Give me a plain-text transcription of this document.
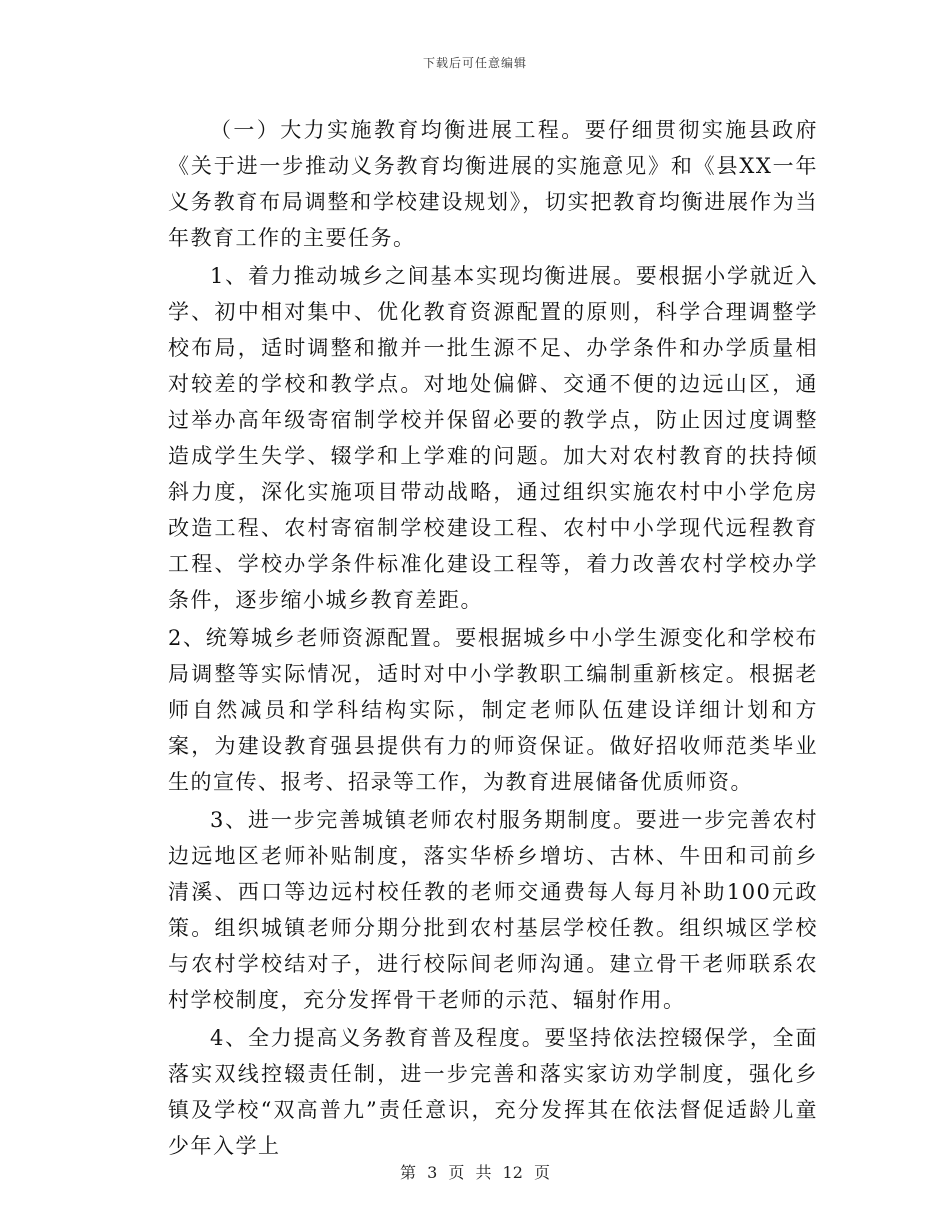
下载后可任意编辑

（一）大力实施教育均衡进展工程。要仔细贯彻实施县政府《关于进一步推动义务教育均衡进展的实施意见》和《县XX一年义务教育布局调整和学校建设规划》，切实把教育均衡进展作为当年教育工作的主要任务。

1、着力推动城乡之间基本实现均衡进展。要根据小学就近入学、初中相对集中、优化教育资源配置的原则，科学合理调整学校布局，适时调整和撤并一批生源不足、办学条件和办学质量相对较差的学校和教学点。对地处偏僻、交通不便的边远山区，通过举办高年级寄宿制学校并保留必要的教学点，防止因过度调整造成学生失学、辍学和上学难的问题。加大对农村教育的扶持倾斜力度，深化实施项目带动战略，通过组织实施农村中小学危房改造工程、农村寄宿制学校建设工程、农村中小学现代远程教育工程、学校办学条件标准化建设工程等，着力改善农村学校办学条件，逐步缩小城乡教育差距。

2、统筹城乡老师资源配置。要根据城乡中小学生源变化和学校布局调整等实际情况，适时对中小学教职工编制重新核定。根据老师自然减员和学科结构实际，制定老师队伍建设详细计划和方案，为建设教育强县提供有力的师资保证。做好招收师范类毕业生的宣传、报考、招录等工作，为教育进展储备优质师资。

3、进一步完善城镇老师农村服务期制度。要进一步完善农村边远地区老师补贴制度，落实华桥乡增坊、古林、牛田和司前乡清溪、西口等边远村校任教的老师交通费每人每月补助100元政策。组织城镇老师分期分批到农村基层学校任教。组织城区学校与农村学校结对子，进行校际间老师沟通。建立骨干老师联系农村学校制度，充分发挥骨干老师的示范、辐射作用。

4、全力提高义务教育普及程度。要坚持依法控辍保学，全面落实双线控辍责任制，进一步完善和落实家访劝学制度，强化乡镇及学校“双高普九”责任意识，充分发挥其在依法督促适龄儿童少年入学上

第 3 页 共 12 页
